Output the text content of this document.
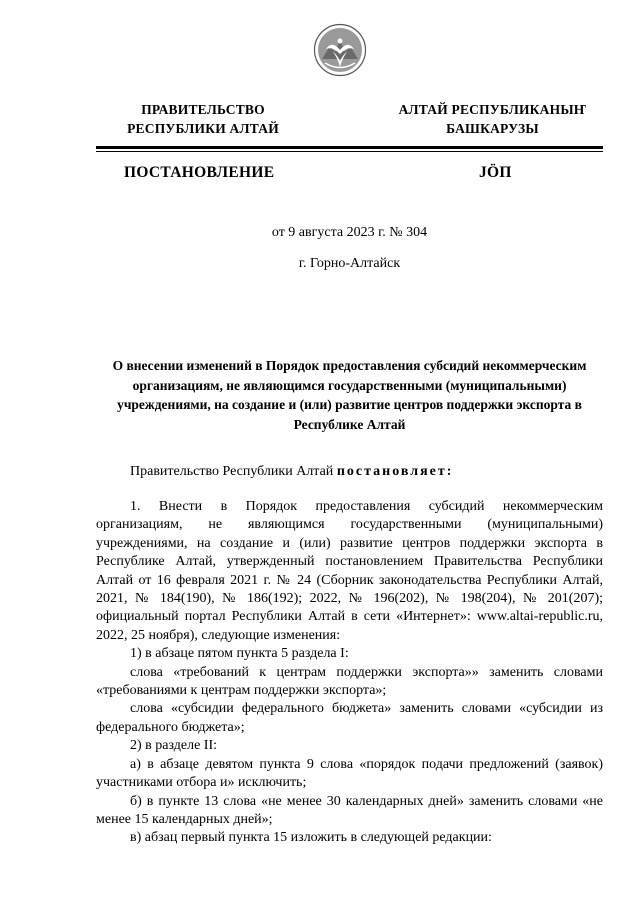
ПРАВИТЕЛЬСТВО
РЕСПУБЛИКИ АЛТАЙ
АЛТАЙ РЕСПУБЛИКАНЫҤ
БАШКАРУЗЫ
ПОСТАНОВЛЕНИЕ	JӦП
от 9 августа 2023 г. № 304
г. Горно-Алтайск
О внесении изменений в Порядок предоставления субсидий некоммерческим организациям, не являющимся государственными (муниципальными) учреждениями, на создание и (или) развитие центров поддержки экспорта в Республике Алтай
Правительство Республики Алтай постановляет:

1. Внести в Порядок предоставления субсидий некоммерческим организациям, не являющимся государственными (муниципальными) учреждениями, на создание и (или) развитие центров поддержки экспорта в Республике Алтай, утвержденный постановлением Правительства Республики Алтай от 16 февраля 2021 г. № 24 (Сборник законодательства Республики Алтай, 2021, № 184(190), № 186(192); 2022, № 196(202), № 198(204), № 201(207); официальный портал Республики Алтай в сети «Интернет»: www.altai-republic.ru, 2022, 25 ноября), следующие изменения:

1) в абзаце пятом пункта 5 раздела I:

слова «требований к центрам поддержки экспорта»» заменить словами «требованиями к центрам поддержки экспорта»;

слова «субсидии федерального бюджета» заменить словами «субсидии из федерального бюджета»;

2) в разделе II:

а) в абзаце девятом пункта 9 слова «порядок подачи предложений (заявок) участниками отбора и» исключить;

б) в пункте 13 слова «не менее 30 календарных дней» заменить словами «не менее 15 календарных дней»;

в) абзац первый пункта 15 изложить в следующей редакции:
